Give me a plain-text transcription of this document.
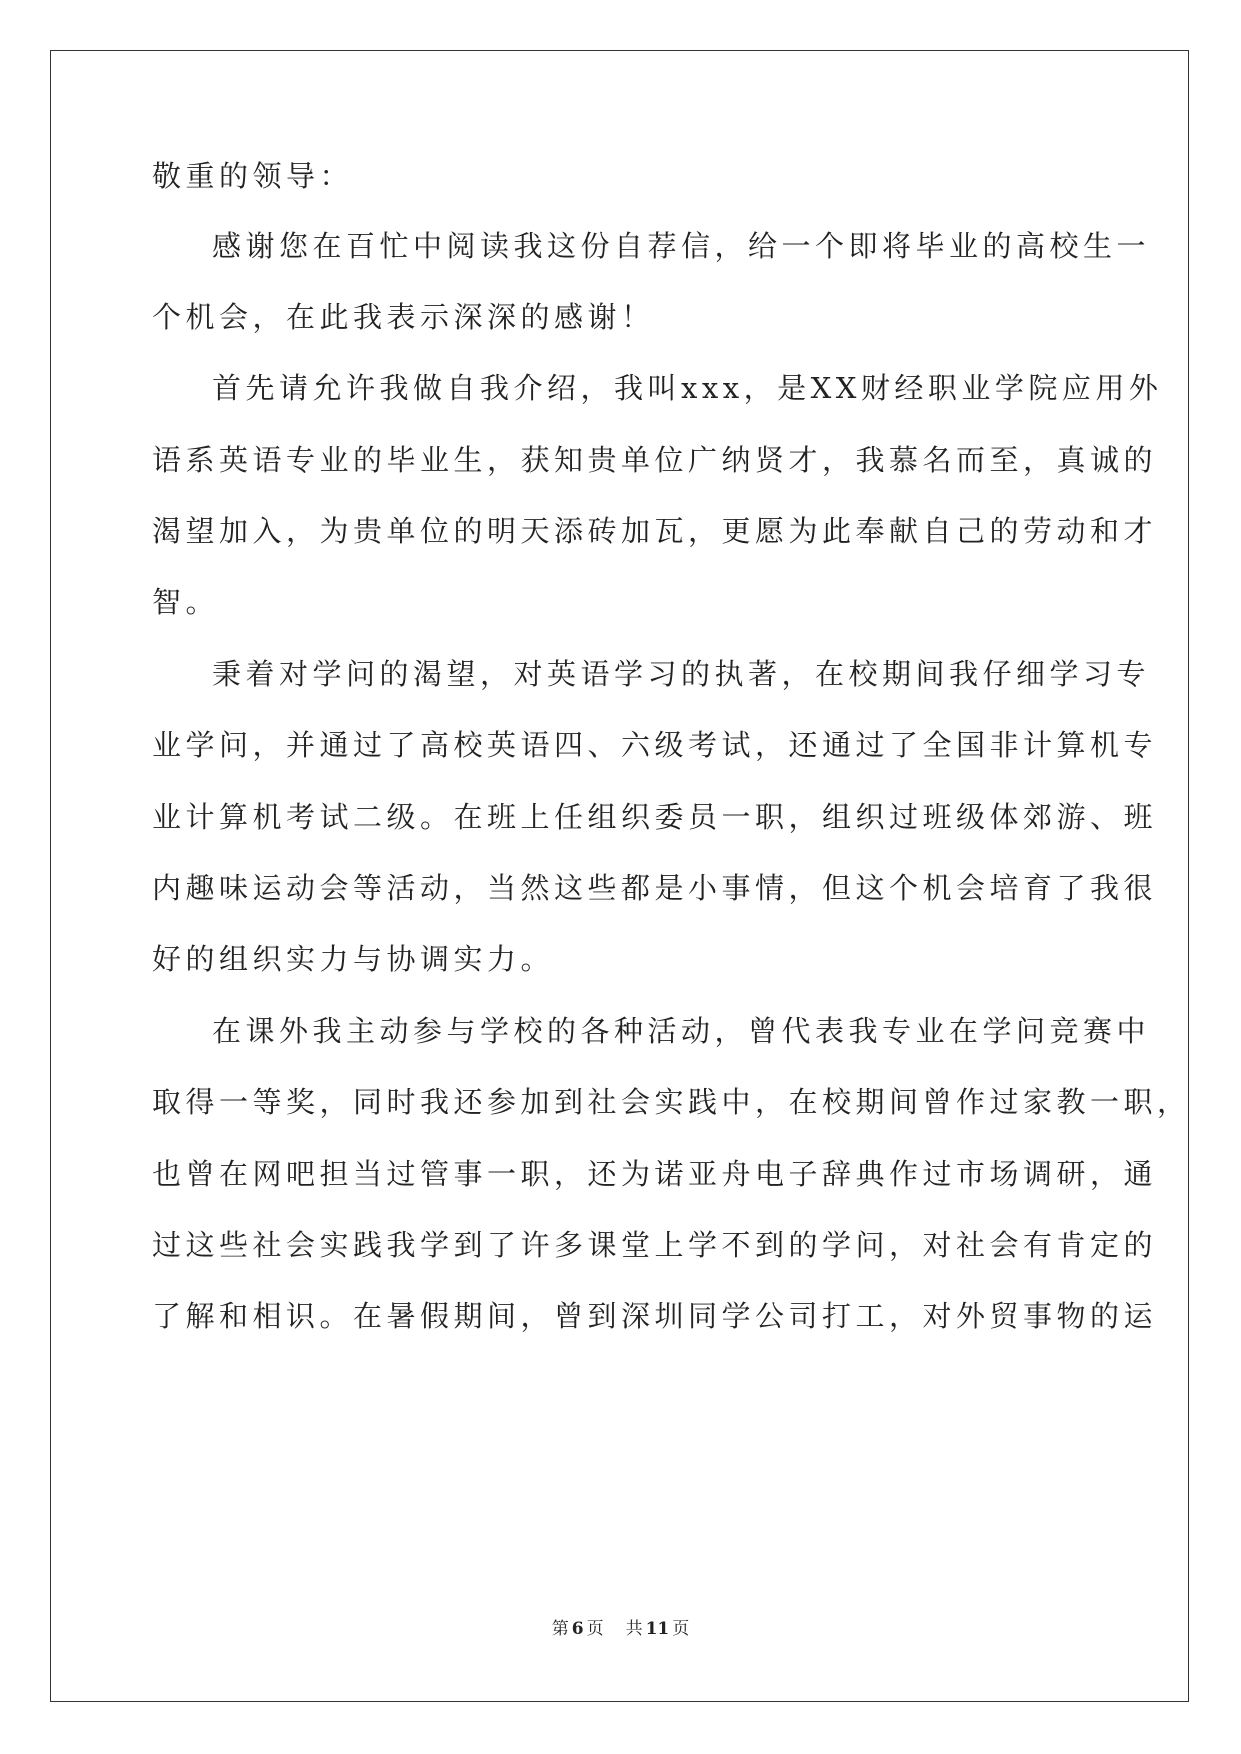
敬重的领导：
感谢您在百忙中阅读我这份自荐信，给一个即将毕业的高校生一
个机会，在此我表示深深的感谢！
首先请允许我做自我介绍，我叫xxx，是XX财经职业学院应用外
语系英语专业的毕业生，获知贵单位广纳贤才，我慕名而至，真诚的
渴望加入，为贵单位的明天添砖加瓦，更愿为此奉献自己的劳动和才
智。
秉着对学问的渴望，对英语学习的执著，在校期间我仔细学习专
业学问，并通过了高校英语四、六级考试，还通过了全国非计算机专
业计算机考试二级。在班上任组织委员一职，组织过班级体郊游、班
内趣味运动会等活动，当然这些都是小事情，但这个机会培育了我很
好的组织实力与协调实力。
在课外我主动参与学校的各种活动，曾代表我专业在学问竞赛中
取得一等奖，同时我还参加到社会实践中，在校期间曾作过家教一职，
也曾在网吧担当过管事一职，还为诺亚舟电子辞典作过市场调研，通
过这些社会实践我学到了许多课堂上学不到的学问，对社会有肯定的
了解和相识。在暑假期间，曾到深圳同学公司打工，对外贸事物的运
第 6 页 共 11 页
